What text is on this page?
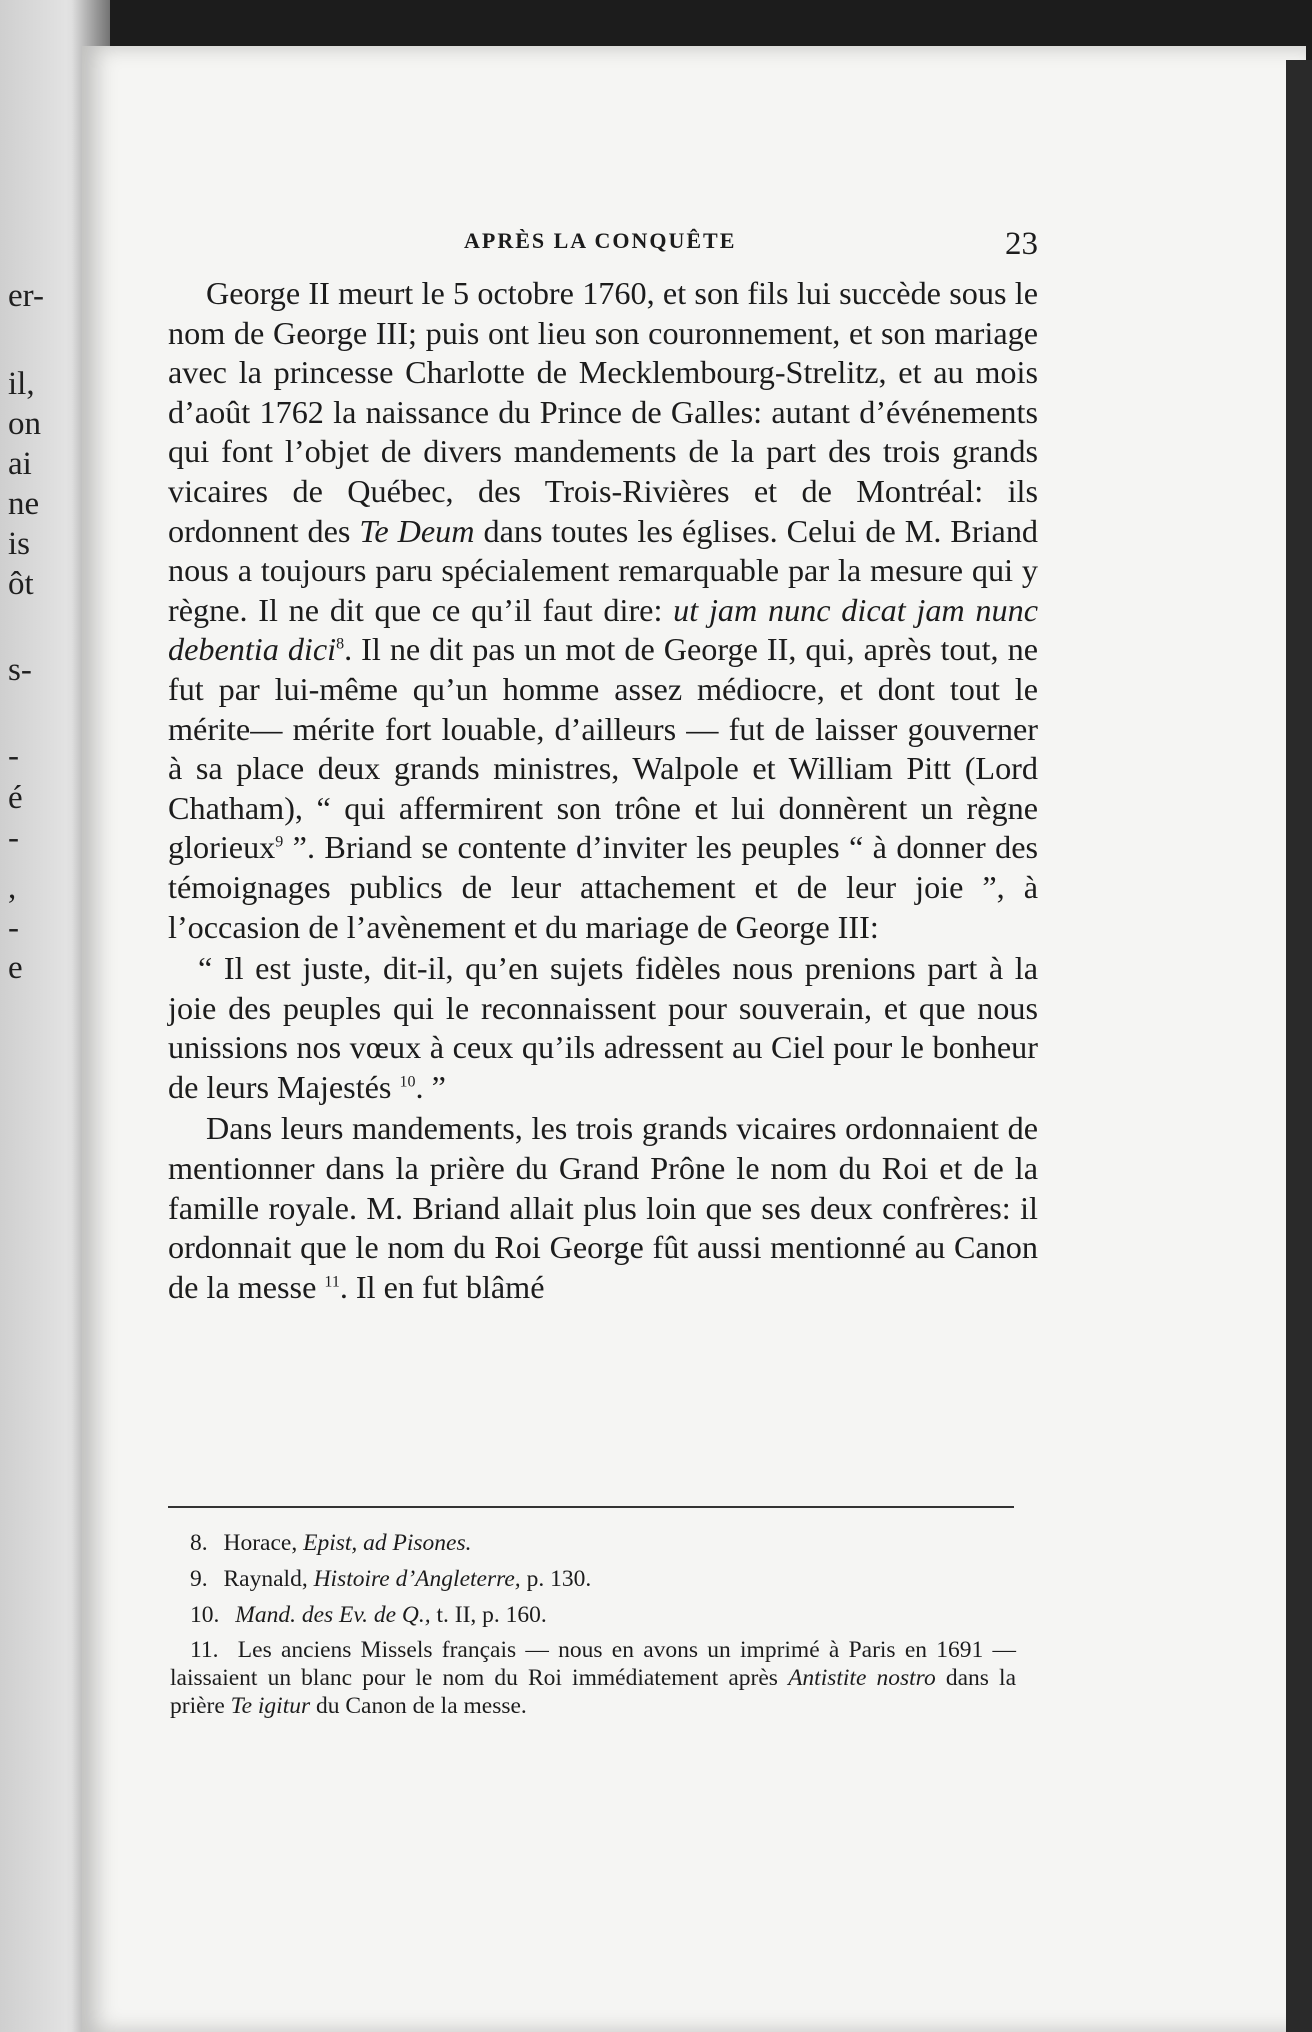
er-
il,
on
ai
ne
is
ôt
s-
-
é
-
,
-
e
APRÈS LA CONQUÊTE	23

George II meurt le 5 octobre 1760, et son fils lui succède sous le nom de George III; puis ont lieu son couronnement, et son mariage avec la princesse Charlotte de Mecklembourg-Strelitz, et au mois d’août 1762 la naissance du Prince de Galles: autant d’événements qui font l’objet de divers mandements de la part des trois grands vicaires de Québec, des Trois-Rivières et de Montréal: ils ordonnent des Te Deum dans toutes les églises. Celui de M. Briand nous a toujours paru spécialement remarquable par la mesure qui y règne. Il ne dit que ce qu’il faut dire: ut jam nunc dicat jam nunc debentia dici$^8$. Il ne dit pas un mot de George II, qui, après tout, ne fut par lui-même qu’un homme assez médiocre, et dont tout le mérite— mérite fort louable, d’ailleurs — fut de laisser gouverner à sa place deux grands ministres, Walpole et William Pitt (Lord Chatham), “ qui affermirent son trône et lui donnèrent un règne glorieux$^9$ ”. Briand se contente d’inviter les peuples “ à donner des témoignages publics de leur attachement et de leur joie ”, à l’occasion de l’avènement et du mariage de George III:

“ Il est juste, dit-il, qu’en sujets fidèles nous prenions part à la joie des peuples qui le reconnaissent pour souverain, et que nous unissions nos vœux à ceux qu’ils adressent au Ciel pour le bonheur de leurs Majestés $^{10}$. ”

Dans leurs mandements, les trois grands vicaires ordonnaient de mentionner dans la prière du Grand Prône le nom du Roi et de la famille royale. M. Briand allait plus loin que ses deux confrères: il ordonnait que le nom du Roi George fût aussi mentionné au Canon de la messe $^{11}$. Il en fut blâmé

8. Horace, Epist, ad Pisones.

9. Raynald, Histoire d’Angleterre, p. 130.

10. Mand. des Ev. de Q., t. II, p. 160.

11. Les anciens Missels français — nous en avons un imprimé à Paris en 1691 — laissaient un blanc pour le nom du Roi immédiatement après Antistite nostro dans la prière Te igitur du Canon de la messe.
